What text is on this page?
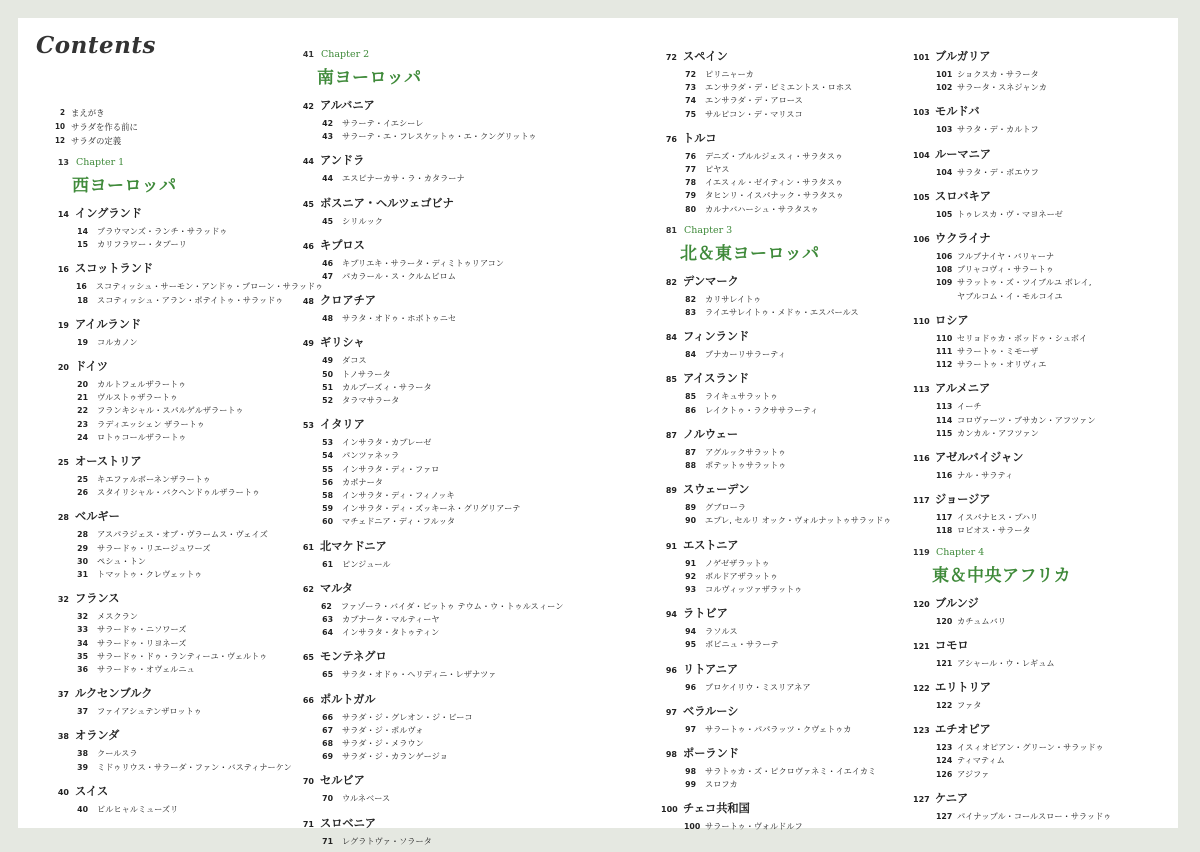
Contents
2 まえがき
10 サラダを作る前に
12 サラダの定義
13 Chapter 1
西ヨーロッパ
14 イングランド
14 プラウマンズ・ランチ・サラッドゥ
15 カリフラワー・タプーリ
16 スコットランド
16 スコティッシュ・サーモン・アンドゥ・プローン・サラッドゥ
18 スコティッシュ・アラン・ポテイトゥ・サラッドゥ
19 アイルランド
19 コルカノン
20 ドイツ
20 カルトフェルザラートゥ
21 ヴルストゥザラートゥ
22 フランキシャル・スパルゲルザラートゥ
23 ラディエッシェン ザラートゥ
24 ロトゥコールザラートゥ
25 オーストリア
25 キエファルボーネンザラートゥ
26 スタイリシャル・バクヘンドゥルザラートゥ
28 ベルギー
28 アスパラジェス・オプ・ヴラームス・ヴェイズ
29 サラードゥ・リエージュワーズ
30 ペシュ・トン
31 トマットゥ・クレヴェットゥ
32 フランス
32 メスクラン
33 サラードゥ・ニソワーズ
34 サラードゥ・リヨネーズ
35 サラードゥ・ドゥ・ランティーユ・ヴェルトゥ
36 サラードゥ・オヴェルニュ
37 ルクセンブルク
37 ファイアシュテンザロットゥ
38 オランダ
38 クールスラ
39 ミドゥリウス・サラーダ・ファン・バスティナーケン
40 スイス
40 ビルヒャルミューズリ
41 Chapter 2
南ヨーロッパ
42 アルバニア
42 サラーテ・イエシーレ
43 サラーテ・エ・フレスケットゥ・エ・クングリットゥ
44 アンドラ
44 エスピナーカサ・ラ・カタラーナ
45 ボスニア・ヘルツェゴビナ
45 シリルック
46 キプロス
46 キプリエキ・サラータ・ディミトゥリアコン
47 パカラール・ス・クルムビロム
48 クロアチア
48 サラタ・オドゥ・ホボトゥニセ
49 ギリシャ
49 ダコス
50 トノサラータ
51 カルプーズィ・サラータ
52 タラマサラータ
53 イタリア
53 インサラタ・カプレーゼ
54 パンツァネッラ
55 インサラタ・ディ・ファロ
56 カポナータ
58 インサラタ・ディ・フィノッキ
59 インサラタ・ディ・ズッキーネ・グリグリアーテ
60 マチェドニア・ディ・フルッタ
61 北マケドニア
61 ピンジュール
62 マルタ
62 ファゾーラ・バイダ・ビットゥ テウム・ウ・トゥルスィーン
63 カプナータ・マルティーヤ
64 インサラタ・タトゥティン
65 モンテネグロ
65 サラタ・オドゥ・ヘリディニ・レザナツァ
66 ポルトガル
66 サラダ・ジ・グレオン・ジ・ビーコ
67 サラダ・ジ・ポルヴォ
68 サラダ・ジ・メラウン
69 サラダ・ジ・カランゲージョ
70 セルビア
70 ウルネベース
71 スロベニア
71 レグラトヴァ・ソラータ
72 スペイン
72 ピリニャーカ
73 エンサラダ・デ・ピミエントス・ロホス
74 エンサラダ・デ・アロース
75 サルピコン・デ・マリスコ
76 トルコ
76 デニズ・ブルルジェスィ・サラタスゥ
77 ピヤス
78 イエスィル・ゼイティン・サラタスゥ
79 タヒンリ・イスパナック・サラタスゥ
80 カルナバハーシュ・サラタスゥ
81 Chapter 3
北＆東ヨーロッパ
82 デンマーク
82 カリサレイトゥ
83 ライエサレイトゥ・メドゥ・エスパールス
84 フィンランド
84 プナカーリサラーティ
85 アイスランド
85 ライキュサラットゥ
86 レイクトゥ・ラクササラーティ
87 ノルウェー
87 アグルックサラットゥ
88 ポテットゥサラットゥ
89 スウェーデン
89 グブローラ
90 エプレ, セルリ オック・ヴォルナットゥサラッドゥ
91 エストニア
91 ノゲゼザラットゥ
92 ボルドアザラットゥ
93 コルヴィッツァザラットゥ
94 ラトビア
94 ラソルス
95 ボビニュ・サラーテ
96 リトアニア
96 プロケイリウ・ミスリアネア
97 ベラルーシ
97 サラートゥ・パパラッツ・クヴェトゥカ
98 ポーランド
98 サラトゥカ・ズ・ピクロヴァネミ・イエイカミ
99 スロフカ
100 チェコ共和国
100 サラートゥ・ヴォルドルフ
101 ブルガリア
101 ショクスカ・サラータ
102 サラータ・スネジャンカ
103 モルドバ
103 サラタ・デ・カルトフ
104 ルーマニア
104 サラタ・デ・ボエウフ
105 スロバキア
105 トゥレスカ・ヴ・マヨネーゼ
106 ウクライナ
106 フルプナイヤ・バリャーナ
108 プリャコヴィ・サラートゥ
109 サラットゥ・ズ・ツイブルユ ボレイ,
ヤブルコム・イ・モルコイユ
110 ロシア
110 セリョドゥカ・ボッドゥ・シュボイ
111 サラートゥ・ミモーザ
112 サラートゥ・オリヴィエ
113 アルメニア
113 イーチ
114 コロヴァーツ・プサカン・アフツァン
115 カンカル・アフツァン
116 アゼルバイジャン
116 ナル・サラティ
117 ジョージア
117 イスパナヒス・プハリ
118 ロビオス・サラータ
119 Chapter 4
東＆中央アフリカ
120 ブルンジ
120 カチュムバリ
121 コモロ
121 アシャール・ウ・レギュム
122 エリトリア
122 ファタ
123 エチオピア
123 イスィオピアン・グリーン・サラッドゥ
124 ティマティム
126 アジファ
127 ケニア
127 パイナップル・コールスロー・サラッドゥ
